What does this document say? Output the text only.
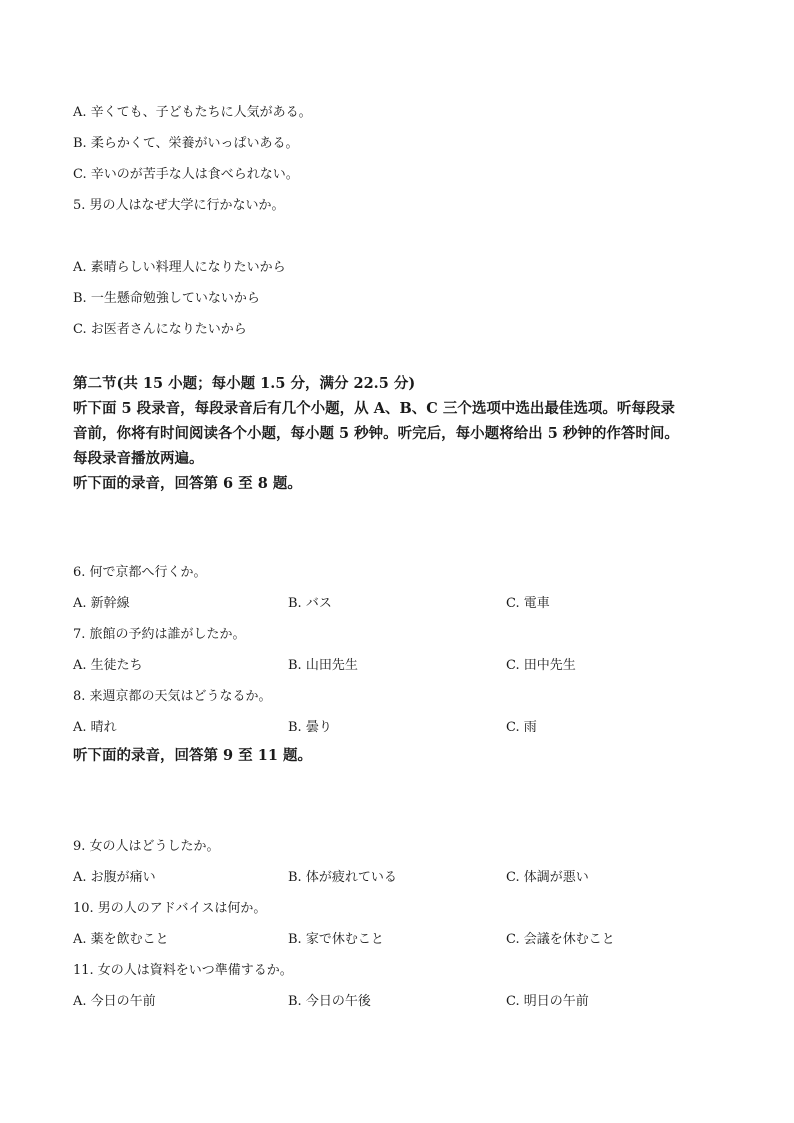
A. 辛くても、子どもたちに人気がある。
B. 柔らかくて、栄養がいっぱいある。
C. 辛いのが苦手な人は食べられない。
5. 男の人はなぜ大学に行かないか。
A. 素晴らしい料理人になりたいから
B. 一生懸命勉強していないから
C. お医者さんになりたいから
第二节(共 15 小题；每小题 1.5 分，满分 22.5 分)
听下面 5 段录音，每段录音后有几个小题，从 A、B、C 三个选项中选出最佳选项。听每段录
音前，你将有时间阅读各个小题，每小题 5 秒钟。听完后，每小题将给出 5 秒钟的作答时间。
每段录音播放两遍。
听下面的录音，回答第 6 至 8 题。
6. 何で京都へ行くか。
A. 新幹線	B. バス	C. 電車
7. 旅館の予約は誰がしたか。
A. 生徒たち	B. 山田先生	C. 田中先生
8. 来週京都の天気はどうなるか。
A. 晴れ	B. 曇り	C. 雨
听下面的录音，回答第 9 至 11 题。
9. 女の人はどうしたか。
A. お腹が痛い	B. 体が疲れている	C. 体調が悪い
10. 男の人のアドバイスは何か。
A. 薬を飲むこと	B. 家で休むこと	C. 会議を休むこと
11. 女の人は資料をいつ準備するか。
A. 今日の午前	B. 今日の午後	C. 明日の午前
